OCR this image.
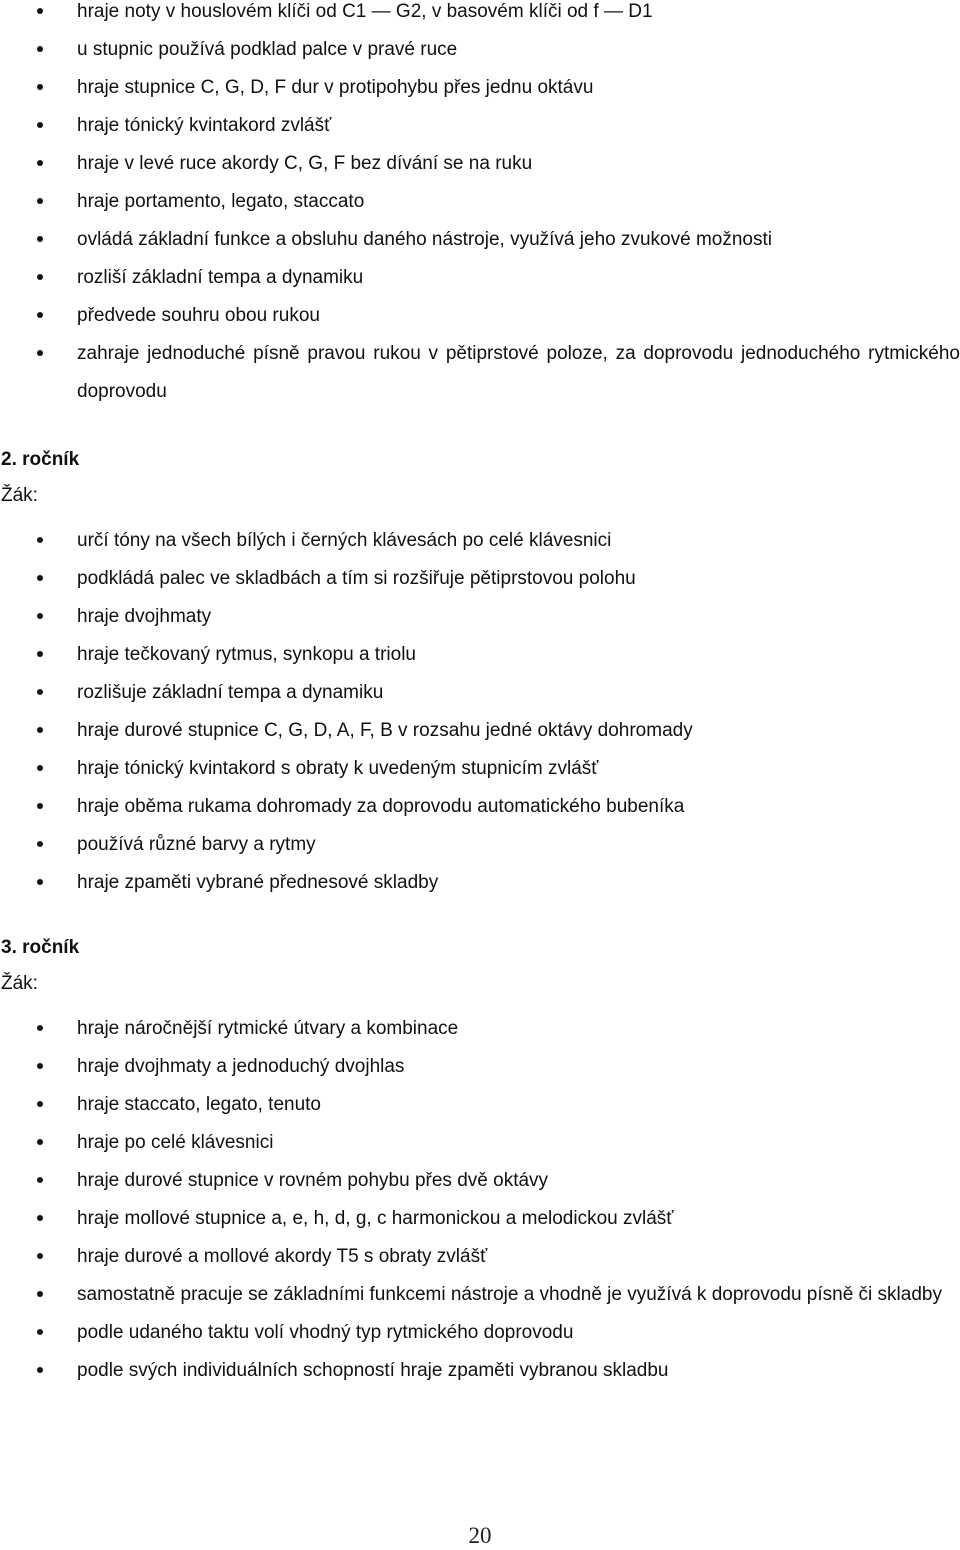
hraje noty v houslovém klíči od C1 — G2, v basovém klíči od f — D1
u stupnic používá podklad palce v pravé ruce
hraje stupnice C, G, D, F dur v protipohybu přes jednu oktávu
hraje tónický kvintakord zvlášť
hraje v levé ruce akordy C, G, F bez dívání se na ruku
hraje portamento, legato, staccato
ovládá základní funkce a obsluhu daného nástroje, využívá jeho zvukové možnosti
rozliší základní tempa a dynamiku
předvede souhru obou rukou
zahraje jednoduché písně pravou rukou v pětiprstové poloze, za doprovodu jednoduchého rytmického doprovodu

2. ročník

Žák:

určí tóny na všech bílých i černých klávesách po celé klávesnici
podkládá palec ve skladbách a tím si rozšiřuje pětiprstovou polohu
hraje dvojhmaty
hraje tečkovaný rytmus, synkopu a triolu
rozlišuje základní tempa a dynamiku
hraje durové stupnice C, G, D, A, F, B v rozsahu jedné oktávy dohromady
hraje tónický kvintakord s obraty k uvedeným stupnicím zvlášť
hraje oběma rukama dohromady za doprovodu automatického bubeníka
používá různé barvy a rytmy
hraje zpaměti vybrané přednesové skladby

3. ročník

Žák:

hraje náročnější rytmické útvary a kombinace
hraje dvojhmaty a jednoduchý dvojhlas
hraje staccato, legato, tenuto
hraje po celé klávesnici
hraje durové stupnice v rovném pohybu přes dvě oktávy
hraje mollové stupnice a, e, h, d, g, c harmonickou a melodickou zvlášť
hraje durové a mollové akordy T5 s obraty zvlášť
samostatně pracuje se základními funkcemi nástroje a vhodně je využívá k doprovodu písně či skladby
podle udaného taktu volí vhodný typ rytmického doprovodu
podle svých individuálních schopností hraje zpaměti vybranou skladbu
20
